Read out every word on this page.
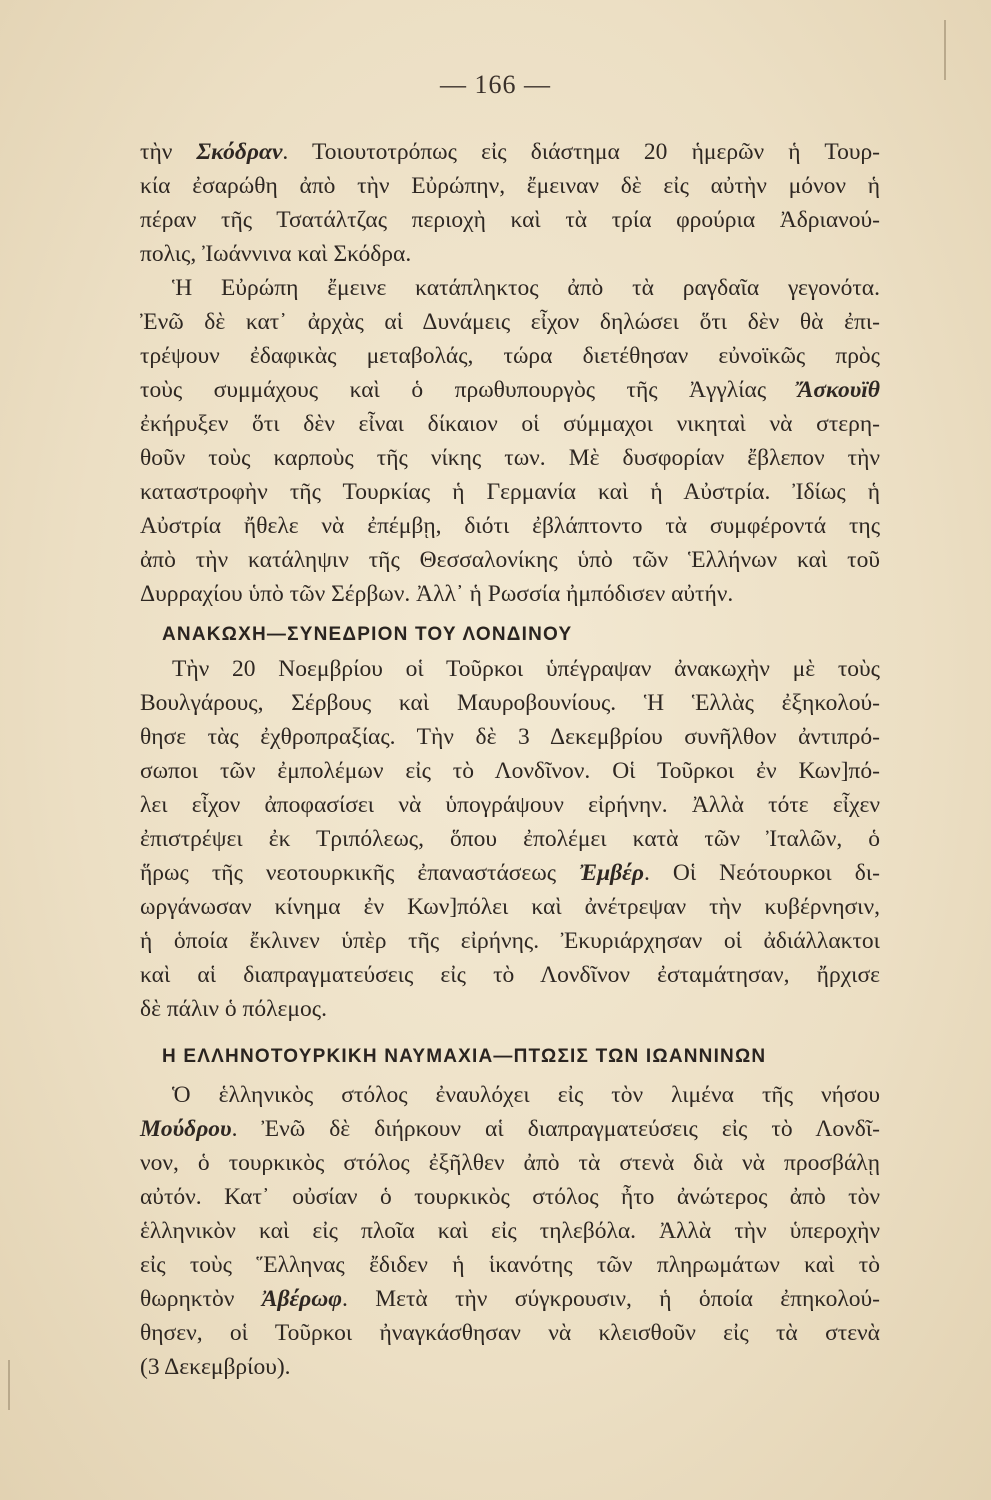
— 166 —
τὴν Σκόδραν. Τοιουτοτρόπως εἰς διάστημα 20 ἡμερῶν ἡ Τουρ-
κία ἐσαρώθη ἀπὸ τὴν Εὐρώπην, ἔμειναν δὲ εἰς αὐτὴν μόνον ἡ
πέραν τῆς Τσατάλτζας περιοχὴ καὶ τὰ τρία φρούρια Ἀδριανού-
πολις, Ἰωάννινα καὶ Σκόδρα.
Ἡ Εὐρώπη ἔμεινε κατάπληκτος ἀπὸ τὰ ραγδαῖα γεγονότα.
Ἐνῶ δὲ κατ᾽ ἀρχὰς αἱ Δυνάμεις εἶχον δηλώσει ὅτι δὲν θὰ ἐπι-
τρέψουν ἐδαφικὰς μεταβολάς, τώρα διετέθησαν εὐνοϊκῶς πρὸς
τοὺς συμμάχους καὶ ὁ πρωθυπουργὸς τῆς Ἀγγλίας Ἄσκουϊθ
ἐκήρυξεν ὅτι δὲν εἶναι δίκαιον οἱ σύμμαχοι νικηταὶ νὰ στερη-
θοῦν τοὺς καρποὺς τῆς νίκης των. Μὲ δυσφορίαν ἔβλεπον τὴν
καταστροφὴν τῆς Τουρκίας ἡ Γερμανία καὶ ἡ Αὐστρία. Ἰδίως ἡ
Αὐστρία ἤθελε νὰ ἐπέμβῃ, διότι ἐβλάπτοντο τὰ συμφέροντά της
ἀπὸ τὴν κατάληψιν τῆς Θεσσαλονίκης ὑπὸ τῶν Ἑλλήνων καὶ τοῦ
Δυρραχίου ὑπὸ τῶν Σέρβων. Ἀλλ᾽ ἡ Ρωσσία ἠμπόδισεν αὐτήν.
ΑΝΑΚΩΧΗ—ΣΥΝΕΔΡΙΟΝ ΤΟΥ ΛΟΝΔΙΝΟΥ
Τὴν 20 Νοεμβρίου οἱ Τοῦρκοι ὑπέγραψαν ἀνακωχὴν μὲ τοὺς
Βουλγάρους, Σέρβους καὶ Μαυροβουνίους. Ἡ Ἑλλὰς ἐξηκολού-
θησε τὰς ἐχθροπραξίας. Τὴν δὲ 3 Δεκεμβρίου συνῆλθον ἀντιπρό-
σωποι τῶν ἐμπολέμων εἰς τὸ Λονδῖνον. Οἱ Τοῦρκοι ἐν Κων]πό-
λει εἶχον ἀποφασίσει νὰ ὑπογράψουν εἰρήνην. Ἀλλὰ τότε εἶχεν
ἐπιστρέψει ἐκ Τριπόλεως, ὅπου ἐπολέμει κατὰ τῶν Ἰταλῶν, ὁ
ἥρως τῆς νεοτουρκικῆς ἐπαναστάσεως Ἐμβέρ. Οἱ Νεότουρκοι δι-
ωργάνωσαν κίνημα ἐν Κων]πόλει καὶ ἀνέτρεψαν τὴν κυβέρνησιν,
ἡ ὁποία ἔκλινεν ὑπὲρ τῆς εἰρήνης. Ἐκυριάρχησαν οἱ ἀδιάλλακτοι
καὶ αἱ διαπραγματεύσεις εἰς τὸ Λονδῖνον ἐσταμάτησαν, ἤρχισε
δὲ πάλιν ὁ πόλεμος.
Η ΕΛΛΗΝΟΤΟΥΡΚΙΚΗ ΝΑΥΜΑΧΙΑ—ΠΤΩΣΙΣ ΤΩΝ ΙΩΑΝΝΙΝΩΝ
Ὁ ἑλληνικὸς στόλος ἐναυλόχει εἰς τὸν λιμένα τῆς νήσου
Μούδρου. Ἐνῶ δὲ διήρκουν αἱ διαπραγματεύσεις εἰς τὸ Λονδῖ-
νον, ὁ τουρκικὸς στόλος ἐξῆλθεν ἀπὸ τὰ στενὰ διὰ νὰ προσβάλῃ
αὐτόν. Κατ᾽ οὐσίαν ὁ τουρκικὸς στόλος ἦτο ἀνώτερος ἀπὸ τὸν
ἑλληνικὸν καὶ εἰς πλοῖα καὶ εἰς τηλεβόλα. Ἀλλὰ τὴν ὑπεροχὴν
εἰς τοὺς Ἕλληνας ἔδιδεν ἡ ἱκανότης τῶν πληρωμάτων καὶ τὸ
θωρηκτὸν Ἀβέρωφ. Μετὰ τὴν σύγκρουσιν, ἡ ὁποία ἐπηκολού-
θησεν, οἱ Τοῦρκοι ἠναγκάσθησαν νὰ κλεισθοῦν εἰς τὰ στενὰ
(3 Δεκεμβρίου).
